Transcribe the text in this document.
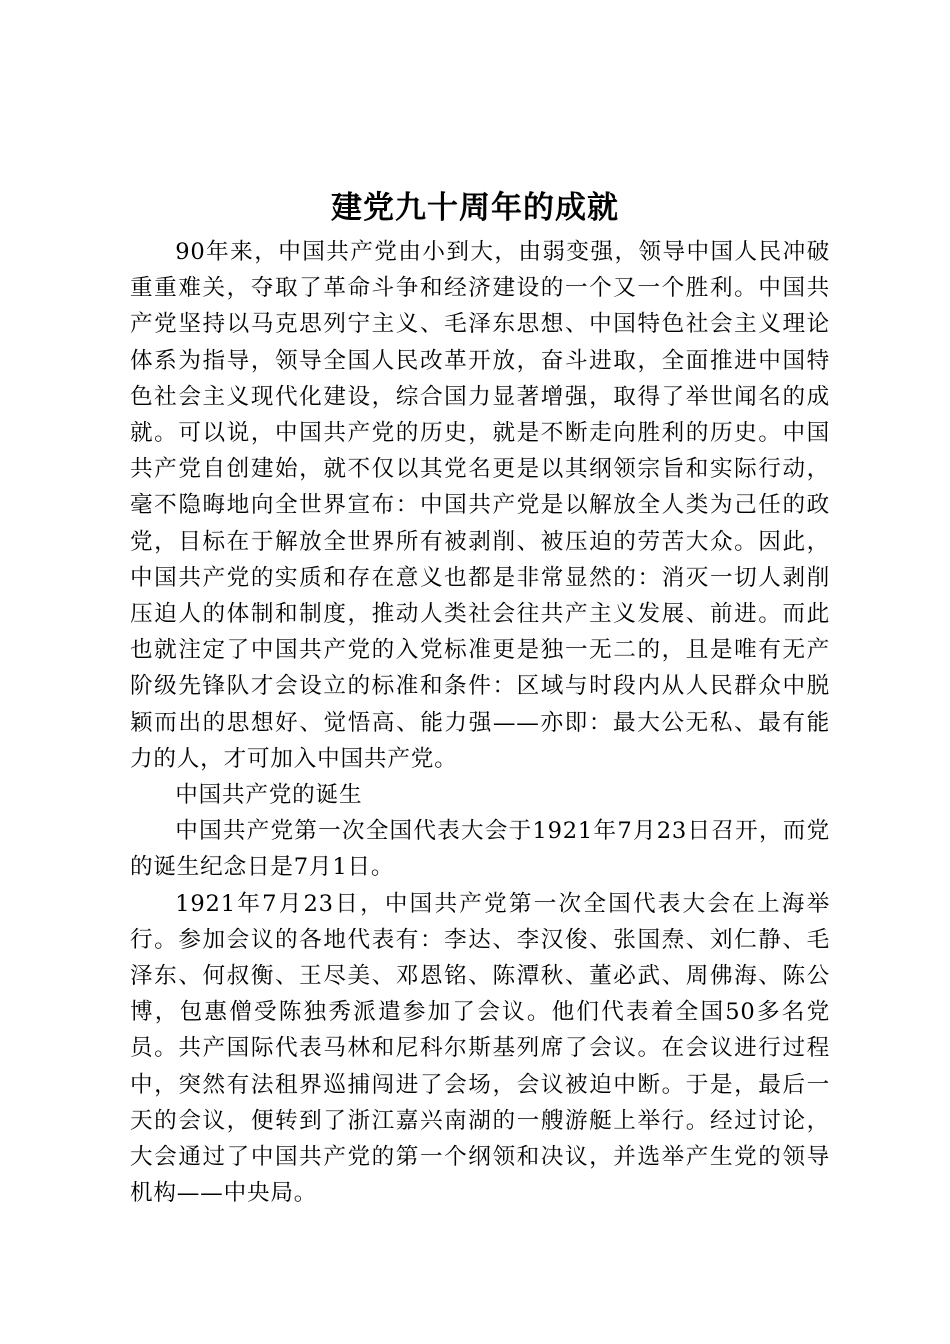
建党九十周年的成就

90年来，中国共产党由小到大，由弱变强，领导中国人民冲破重重难关，夺取了革命斗争和经济建设的一个又一个胜利。中国共产党坚持以马克思列宁主义、毛泽东思想、中国特色社会主义理论体系为指导，领导全国人民改革开放，奋斗进取，全面推进中国特色社会主义现代化建设，综合国力显著增强，取得了举世闻名的成就。可以说，中国共产党的历史，就是不断走向胜利的历史。中国共产党自创建始，就不仅以其党名更是以其纲领宗旨和实际行动，毫不隐晦地向全世界宣布：中国共产党是以解放全人类为己任的政党，目标在于解放全世界所有被剥削、被压迫的劳苦大众。因此，中国共产党的实质和存在意义也都是非常显然的：消灭一切人剥削压迫人的体制和制度，推动人类社会往共产主义发展、前进。而此也就注定了中国共产党的入党标准更是独一无二的，且是唯有无产阶级先锋队才会设立的标准和条件：区域与时段内从人民群众中脱颖而出的思想好、觉悟高、能力强——亦即：最大公无私、最有能力的人，才可加入中国共产党。

中国共产党的诞生

中国共产党第一次全国代表大会于1921年7月23日召开，而党的诞生纪念日是7月1日。

1921年7月23日，中国共产党第一次全国代表大会在上海举行。参加会议的各地代表有：李达、李汉俊、张国焘、刘仁静、毛泽东、何叔衡、王尽美、邓恩铭、陈潭秋、董必武、周佛海、陈公博，包惠僧受陈独秀派遣参加了会议。他们代表着全国50多名党员。共产国际代表马林和尼科尔斯基列席了会议。在会议进行过程中，突然有法租界巡捕闯进了会场，会议被迫中断。于是，最后一天的会议，便转到了浙江嘉兴南湖的一艘游艇上举行。经过讨论，大会通过了中国共产党的第一个纲领和决议，并选举产生党的领导机构——中央局。
